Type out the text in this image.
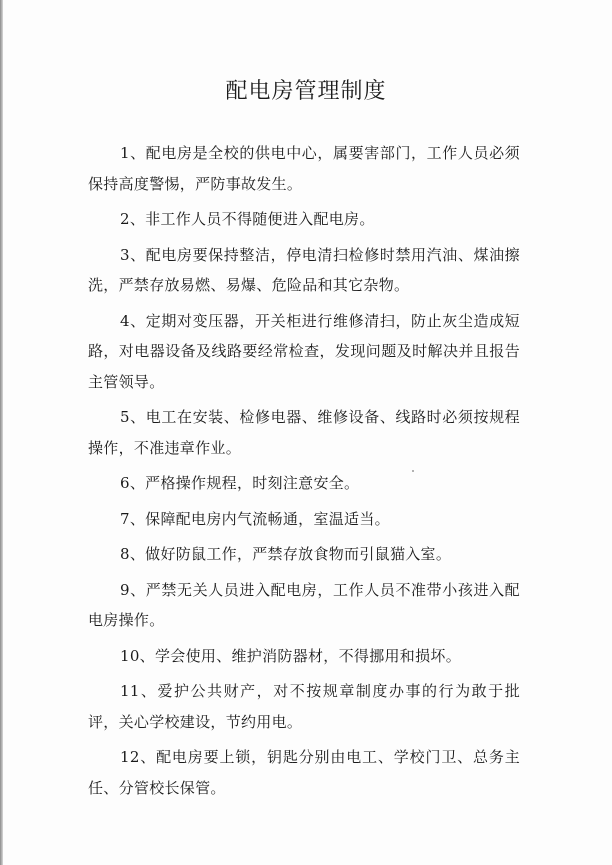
配电房管理制度

1、配电房是全校的供电中心，属要害部门，工作人员必须保持高度警惕，严防事故发生。

2、非工作人员不得随便进入配电房。

3、配电房要保持整洁，停电清扫检修时禁用汽油、煤油擦洗，严禁存放易燃、易爆、危险品和其它杂物。

4、定期对变压器，开关柜进行维修清扫，防止灰尘造成短路，对电器设备及线路要经常检查，发现问题及时解决并且报告主管领导。

5、电工在安装、检修电器、维修设备、线路时必须按规程操作，不准违章作业。

6、严格操作规程，时刻注意安全。

7、保障配电房内气流畅通，室温适当。

8、做好防鼠工作，严禁存放食物而引鼠猫入室。

9、严禁无关人员进入配电房，工作人员不准带小孩进入配电房操作。

10、学会使用、维护消防器材，不得挪用和损坏。

11、爱护公共财产，对不按规章制度办事的行为敢于批评，关心学校建设，节约用电。

12、配电房要上锁，钥匙分别由电工、学校门卫、总务主任、分管校长保管。
